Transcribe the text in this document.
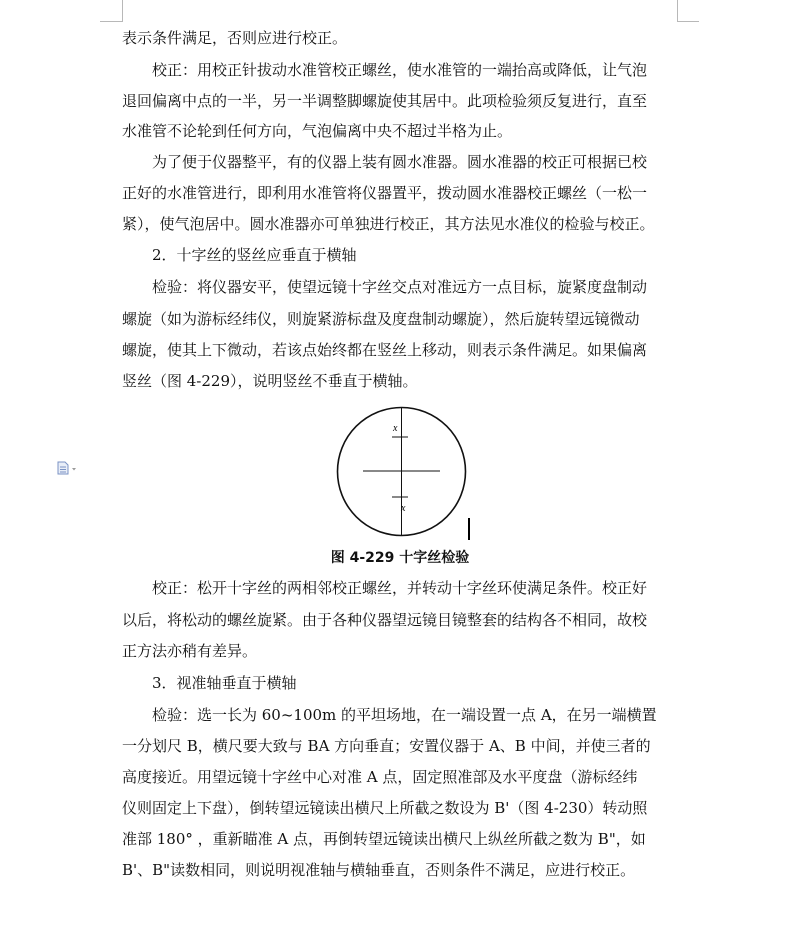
表示条件满足，否则应进行校正。
校正：用校正针拔动水准管校正螺丝，使水准管的一端抬高或降低，让气泡
退回偏离中点的一半，另一半调整脚螺旋使其居中。此项检验须反复进行，直至
水准管不论轮到任何方向，气泡偏离中央不超过半格为止。
为了便于仪器整平，有的仪器上装有圆水准器。圆水准器的校正可根据已校
正好的水准管进行，即利用水准管将仪器置平，拨动圆水准器校正螺丝（一松一
紧），使气泡居中。圆水准器亦可单独进行校正，其方法见水准仪的检验与校正。
2．十字丝的竖丝应垂直于横轴
检验：将仪器安平，使望远镜十字丝交点对准远方一点目标，旋紧度盘制动
螺旋（如为游标经纬仪，则旋紧游标盘及度盘制动螺旋），然后旋转望远镜微动
螺旋，使其上下微动，若该点始终都在竖丝上移动，则表示条件满足。如果偏离
竖丝（图 4-229），说明竖丝不垂直于横轴。
x
x
图 4-229 十字丝检验
校正：松开十字丝的两相邻校正螺丝，并转动十字丝环使满足条件。校正好
以后，将松动的螺丝旋紧。由于各种仪器望远镜目镜整套的结构各不相同，故校
正方法亦稍有差异。
3．视准轴垂直于横轴
检验：选一长为 60~100m 的平坦场地，在一端设置一点 A，在另一端横置
一分划尺 B，横尺要大致与 BA 方向垂直；安置仪器于 A、B 中间，并使三者的
高度接近。用望远镜十字丝中心对准 A 点，固定照准部及水平度盘（游标经纬
仪则固定上下盘），倒转望远镜读出横尺上所截之数设为 B'（图 4-230）转动照
准部 180° ，重新瞄准 A 点，再倒转望远镜读出横尺上纵丝所截之数为 B"，如
B'、B"读数相同，则说明视准轴与横轴垂直，否则条件不满足，应进行校正。
